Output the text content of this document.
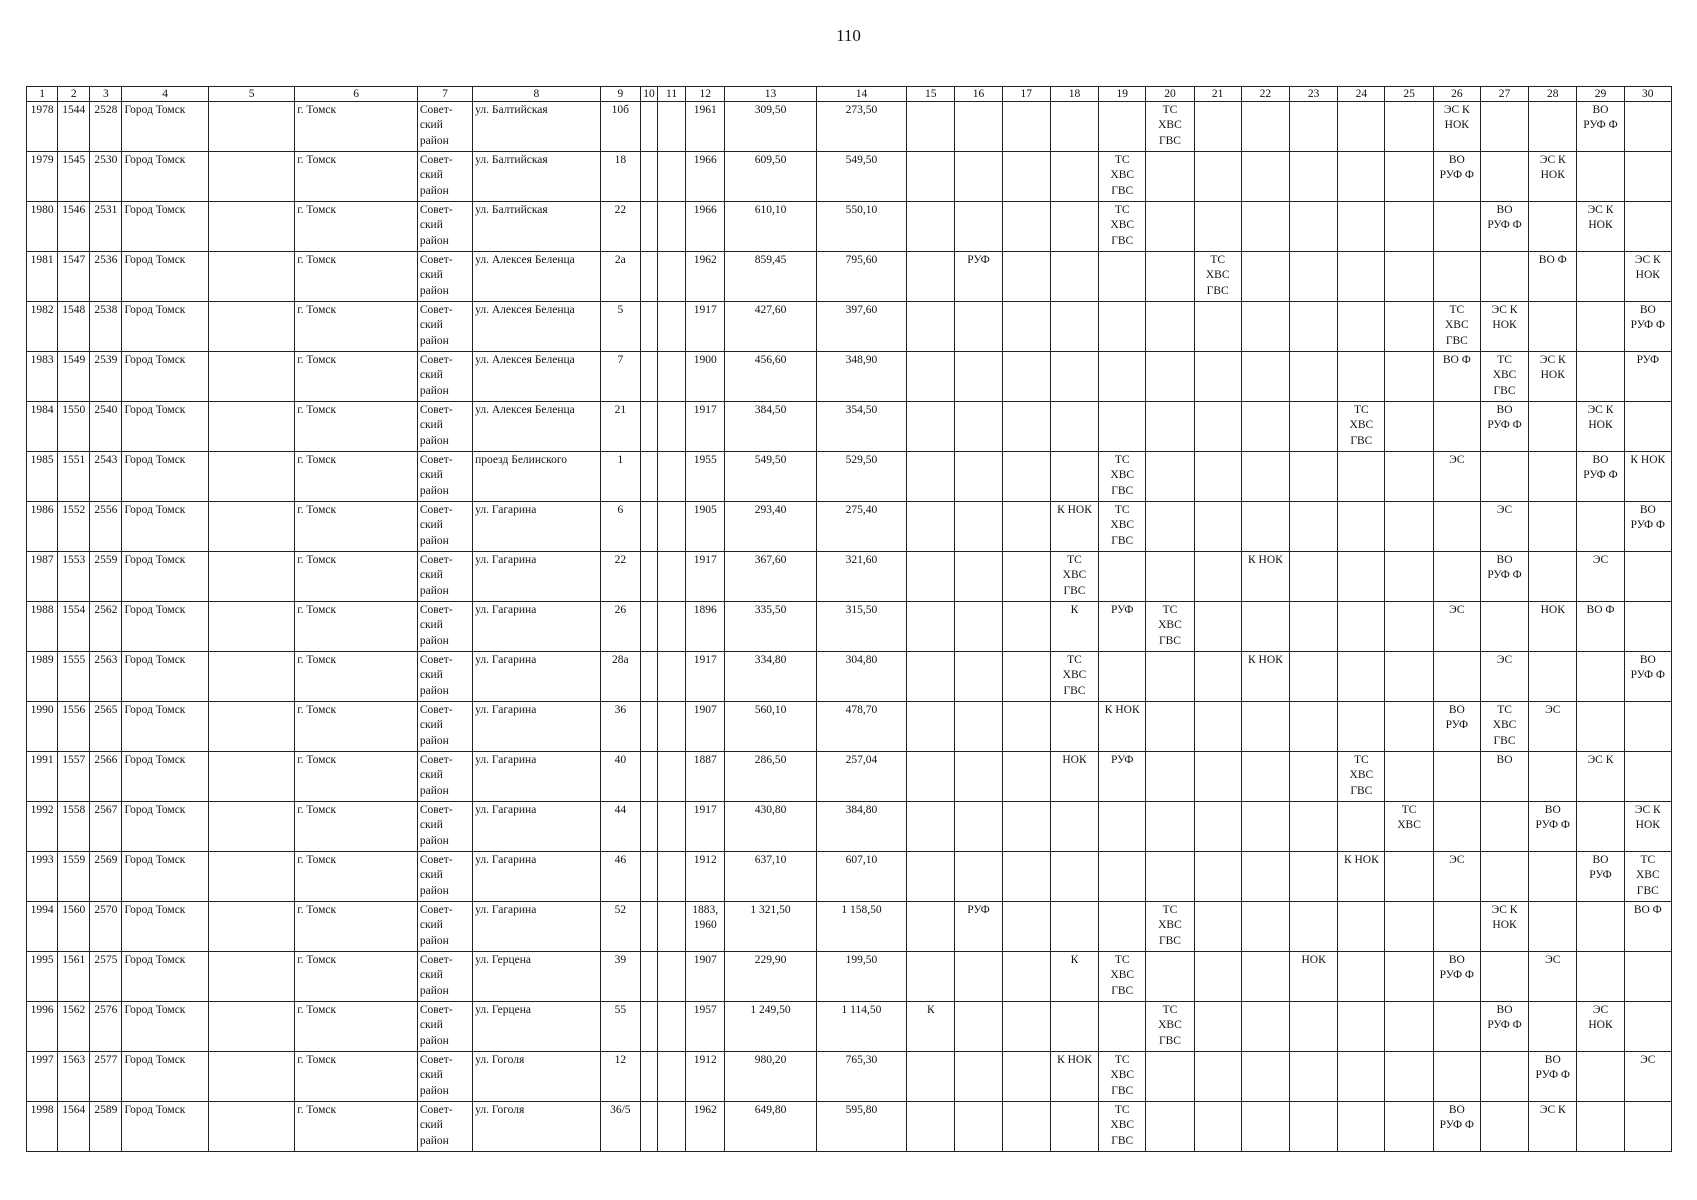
110
1	2	3	4	5	6	7	8	9	10	11	12	13	14	15	16	17	18	19	20	21	22	23	24	25	26	27	28	29	30
1978	1544	2528	Город Томск		г. Томск	Совет-
ский
район	ул. Балтийская	10б			1961	309,50	273,50						ТС
ХВС
ГВС						ЭС К
НОК			ВО
РУФ Ф	
1979	1545	2530	Город Томск		г. Томск	Совет-
ский
район	ул. Балтийская	18			1966	609,50	549,50					ТС
ХВС
ГВС							ВО
РУФ Ф		ЭС К
НОК		
1980	1546	2531	Город Томск		г. Томск	Совет-
ский
район	ул. Балтийская	22			1966	610,10	550,10					ТС
ХВС
ГВС								ВО
РУФ Ф		ЭС К
НОК	
1981	1547	2536	Город Томск		г. Томск	Совет-
ский
район	ул. Алексея Беленца	2а			1962	859,45	795,60		РУФ					ТС
ХВС
ГВС							ВО Ф		ЭС К
НОК
1982	1548	2538	Город Томск		г. Томск	Совет-
ский
район	ул. Алексея Беленца	5			1917	427,60	397,60												ТС
ХВС
ГВС	ЭС К
НОК			ВО
РУФ Ф
1983	1549	2539	Город Томск		г. Томск	Совет-
ский
район	ул. Алексея Беленца	7			1900	456,60	348,90												ВО Ф	ТС
ХВС
ГВС	ЭС К
НОК		РУФ
1984	1550	2540	Город Томск		г. Томск	Совет-
ский
район	ул. Алексея Беленца	21			1917	384,50	354,50										ТС
ХВС
ГВС			ВО
РУФ Ф		ЭС К
НОК	
1985	1551	2543	Город Томск		г. Томск	Совет-
ский
район	проезд Белинского	1			1955	549,50	529,50					ТС
ХВС
ГВС							ЭС			ВО
РУФ Ф	К НОК
1986	1552	2556	Город Томск		г. Томск	Совет-
ский
район	ул. Гагарина	6			1905	293,40	275,40				К НОК	ТС
ХВС
ГВС								ЭС			ВО
РУФ Ф
1987	1553	2559	Город Томск		г. Томск	Совет-
ский
район	ул. Гагарина	22			1917	367,60	321,60				ТС
ХВС
ГВС				К НОК					ВО
РУФ Ф		ЭС	
1988	1554	2562	Город Томск		г. Томск	Совет-
ский
район	ул. Гагарина	26			1896	335,50	315,50				К	РУФ	ТС
ХВС
ГВС						ЭС		НОК	ВО Ф	
1989	1555	2563	Город Томск		г. Томск	Совет-
ский
район	ул. Гагарина	28а			1917	334,80	304,80				ТС
ХВС
ГВС				К НОК					ЭС			ВО
РУФ Ф
1990	1556	2565	Город Томск		г. Томск	Совет-
ский
район	ул. Гагарина	36			1907	560,10	478,70					К НОК							ВО
РУФ	ТС
ХВС
ГВС	ЭС		
1991	1557	2566	Город Томск		г. Томск	Совет-
ский
район	ул. Гагарина	40			1887	286,50	257,04				НОК	РУФ					ТС
ХВС
ГВС			ВО		ЭС К	
1992	1558	2567	Город Томск		г. Томск	Совет-
ский
район	ул. Гагарина	44			1917	430,80	384,80											ТС
ХВС			ВО
РУФ Ф		ЭС К
НОК
1993	1559	2569	Город Томск		г. Томск	Совет-
ский
район	ул. Гагарина	46			1912	637,10	607,10										К НОК		ЭС			ВО
РУФ	ТС
ХВС
ГВС
1994	1560	2570	Город Томск		г. Томск	Совет-
ский
район	ул. Гагарина	52			1883,
1960	1 321,50	1 158,50		РУФ				ТС
ХВС
ГВС							ЭС К
НОК			ВО Ф
1995	1561	2575	Город Томск		г. Томск	Совет-
ский
район	ул. Герцена	39			1907	229,90	199,50				К	ТС
ХВС
ГВС				НОК			ВО
РУФ Ф		ЭС		
1996	1562	2576	Город Томск		г. Томск	Совет-
ский
район	ул. Герцена	55			1957	1 249,50	1 114,50	К					ТС
ХВС
ГВС							ВО
РУФ Ф		ЭС
НОК	
1997	1563	2577	Город Томск		г. Томск	Совет-
ский
район	ул. Гоголя	12			1912	980,20	765,30				К НОК	ТС
ХВС
ГВС									ВО
РУФ Ф		ЭС
1998	1564	2589	Город Томск		г. Томск	Совет-
ский
район	ул. Гоголя	36/5			1962	649,80	595,80					ТС
ХВС
ГВС							ВО
РУФ Ф		ЭС К		
